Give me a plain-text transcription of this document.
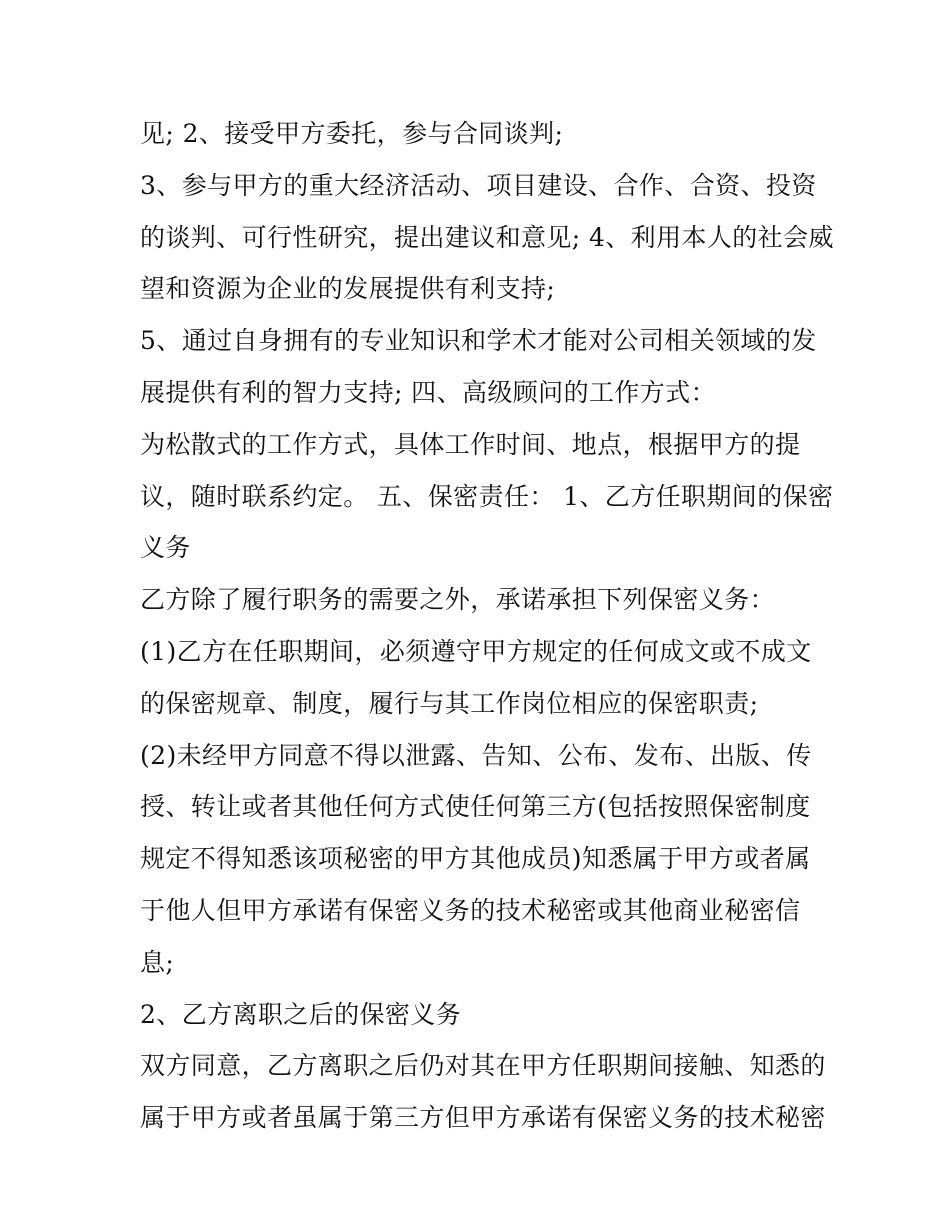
见; 2、接受甲方委托，参与合同谈判;
3、参与甲方的重大经济活动、项目建设、合作、合资、投资
的谈判、可行性研究，提出建议和意见; 4、利用本人的社会威
望和资源为企业的发展提供有利支持;
5、通过自身拥有的专业知识和学术才能对公司相关领域的发
展提供有利的智力支持; 四、高级顾问的工作方式：
为松散式的工作方式，具体工作时间、地点，根据甲方的提
议，随时联系约定。 五、保密责任： 1、乙方任职期间的保密
义务
乙方除了履行职务的需要之外，承诺承担下列保密义务：
(1)乙方在任职期间，必须遵守甲方规定的任何成文或不成文
的保密规章、制度，履行与其工作岗位相应的保密职责;
(2)未经甲方同意不得以泄露、告知、公布、发布、出版、传
授、转让或者其他任何方式使任何第三方(包括按照保密制度
规定不得知悉该项秘密的甲方其他成员)知悉属于甲方或者属
于他人但甲方承诺有保密义务的技术秘密或其他商业秘密信
息;
2、乙方离职之后的保密义务
双方同意，乙方离职之后仍对其在甲方任职期间接触、知悉的
属于甲方或者虽属于第三方但甲方承诺有保密义务的技术秘密
